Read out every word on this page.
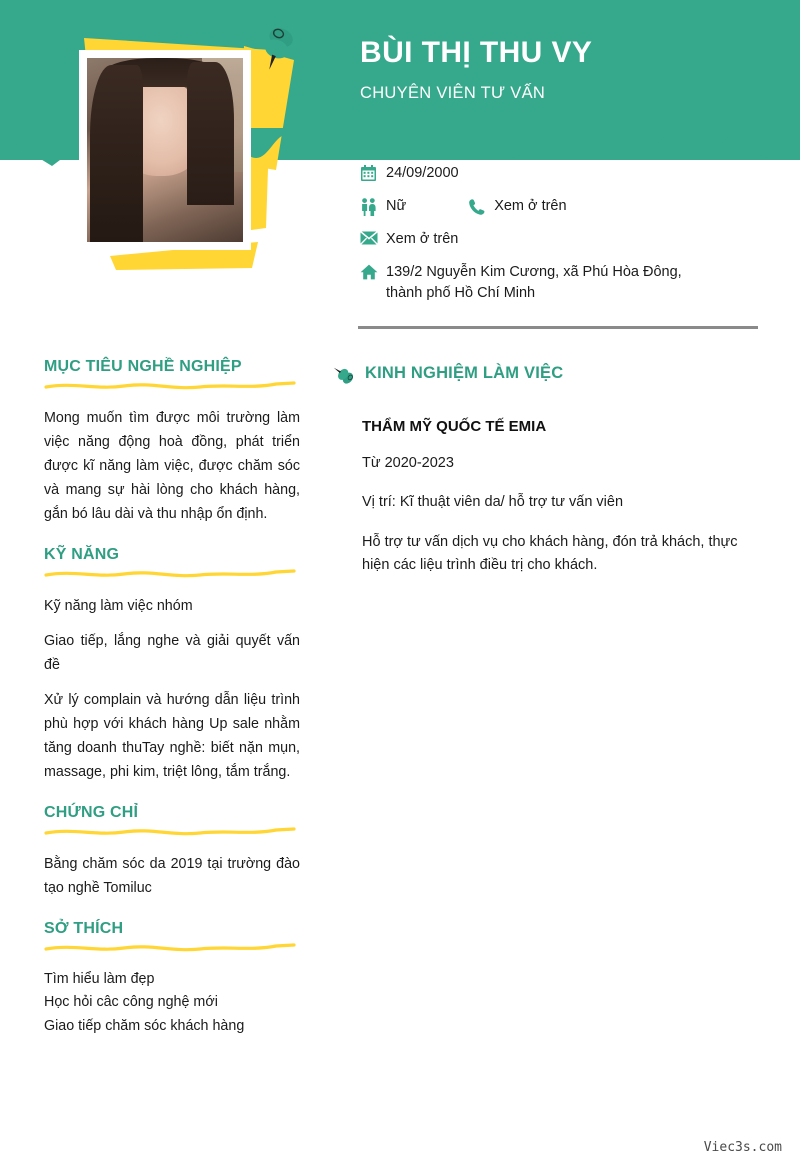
BÙI THỊ THU VY
CHUYÊN VIÊN TƯ VẤN
24/09/2000
Nữ	Xem ở trên
Xem ở trên
139/2 Nguyễn Kim Cương, xã Phú Hòa Đông, thành phố Hồ Chí Minh
MỤC TIÊU NGHỀ NGHIỆP
Mong muốn tìm được môi trường làm việc năng động hoà đồng, phát triển được kĩ năng làm việc, được chăm sóc và mang sự hài lòng cho khách hàng, gắn bó lâu dài và thu nhập ổn định.
KỸ NĂNG
Kỹ năng làm việc nhóm
Giao tiếp, lắng nghe và giải quyết vấn đề
Xử lý complain và hướng dẫn liệu trình phù hợp với khách hàng Up sale nhằm tăng doanh thuTay nghề: biết nặn mụn, massage, phi kim, triệt lông, tắm trắng.
CHỨNG CHỈ
Bằng chăm sóc da 2019 tại trường đào tạo nghề Tomiluc
SỞ THÍCH
Tìm hiểu làm đẹp
Học hỏi câc công nghệ mới
Giao tiếp chăm sóc khách hàng
KINH NGHIỆM LÀM VIỆC
THẨM MỸ QUỐC TẾ EMIA
Từ 2020-2023
Vị trí: Kĩ thuật viên da/ hỗ trợ tư vấn viên
Hỗ trợ tư vấn dịch vụ cho khách hàng, đón trả khách, thực hiện các liệu trình điều trị cho khách.
Viec3s.com
